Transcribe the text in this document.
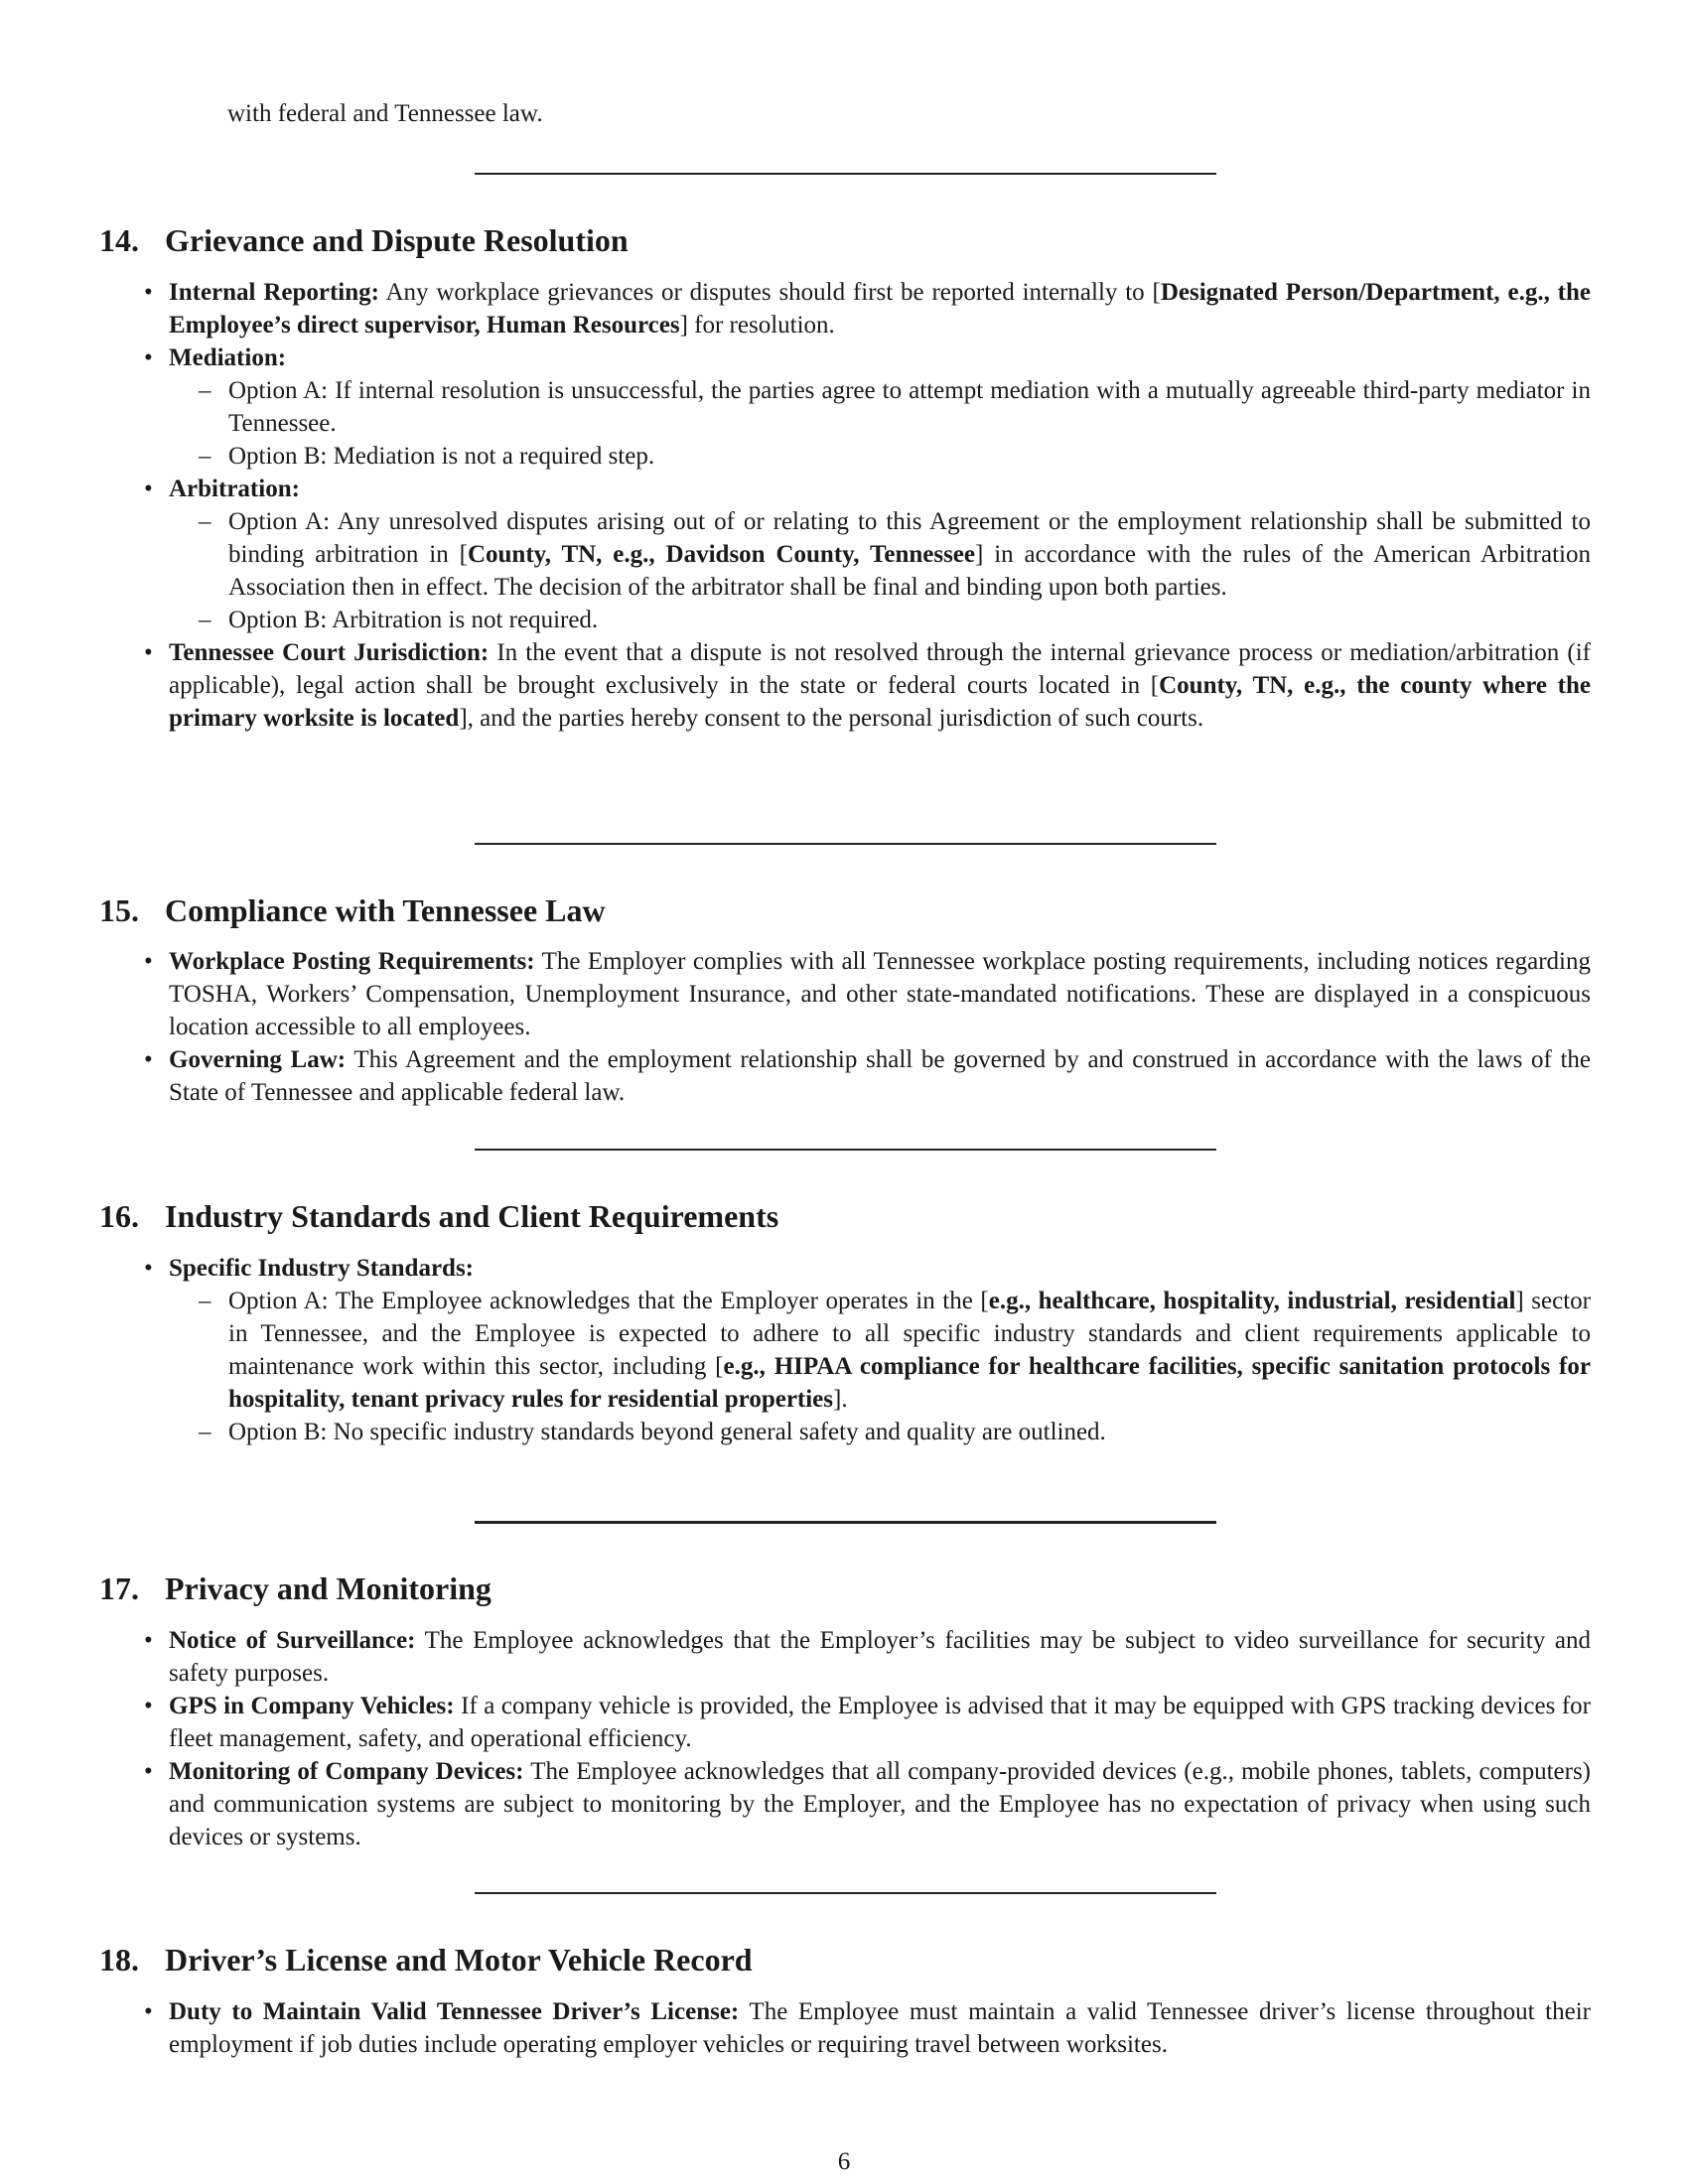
with federal and Tennessee law.
14. Grievance and Dispute Resolution
• Internal Reporting: Any workplace grievances or disputes should first be reported internally to [Designated Person/Department, e.g., the Employee’s direct supervisor, Human Resources] for resolution.
• Mediation:
– Option A: If internal resolution is unsuccessful, the parties agree to attempt mediation with a mutually agreeable third-party mediator in Tennessee.
– Option B: Mediation is not a required step.
• Arbitration:
– Option A: Any unresolved disputes arising out of or relating to this Agreement or the employment relationship shall be submitted to binding arbitration in [County, TN, e.g., Davidson County, Tennessee] in accordance with the rules of the American Arbitration Association then in effect. The decision of the arbitrator shall be final and binding upon both parties.
– Option B: Arbitration is not required.
• Tennessee Court Jurisdiction: In the event that a dispute is not resolved through the internal grievance process or mediation/arbitration (if applicable), legal action shall be brought exclusively in the state or federal courts located in [County, TN, e.g., the county where the primary worksite is located], and the parties hereby consent to the personal jurisdiction of such courts.
15. Compliance with Tennessee Law
• Workplace Posting Requirements: The Employer complies with all Tennessee workplace posting requirements, including notices regarding TOSHA, Workers’ Compensation, Unemployment Insurance, and other state-mandated notifications. These are displayed in a conspicuous location accessible to all employees.
• Governing Law: This Agreement and the employment relationship shall be governed by and construed in accordance with the laws of the State of Tennessee and applicable federal law.
16. Industry Standards and Client Requirements
• Specific Industry Standards:
– Option A: The Employee acknowledges that the Employer operates in the [e.g., healthcare, hospitality, industrial, residential] sector in Tennessee, and the Employee is expected to adhere to all specific industry standards and client requirements applicable to maintenance work within this sector, including [e.g., HIPAA compliance for healthcare facilities, specific sanitation protocols for hospitality, tenant privacy rules for residential properties].
– Option B: No specific industry standards beyond general safety and quality are outlined.
17. Privacy and Monitoring
• Notice of Surveillance: The Employee acknowledges that the Employer’s facilities may be subject to video surveillance for security and safety purposes.
• GPS in Company Vehicles: If a company vehicle is provided, the Employee is advised that it may be equipped with GPS tracking devices for fleet management, safety, and operational efficiency.
• Monitoring of Company Devices: The Employee acknowledges that all company-provided devices (e.g., mobile phones, tablets, computers) and communication systems are subject to monitoring by the Employer, and the Employee has no expectation of privacy when using such devices or systems.
18. Driver’s License and Motor Vehicle Record
• Duty to Maintain Valid Tennessee Driver’s License: The Employee must maintain a valid Tennessee driver’s license throughout their employment if job duties include operating employer vehicles or requiring travel between worksites.
6
